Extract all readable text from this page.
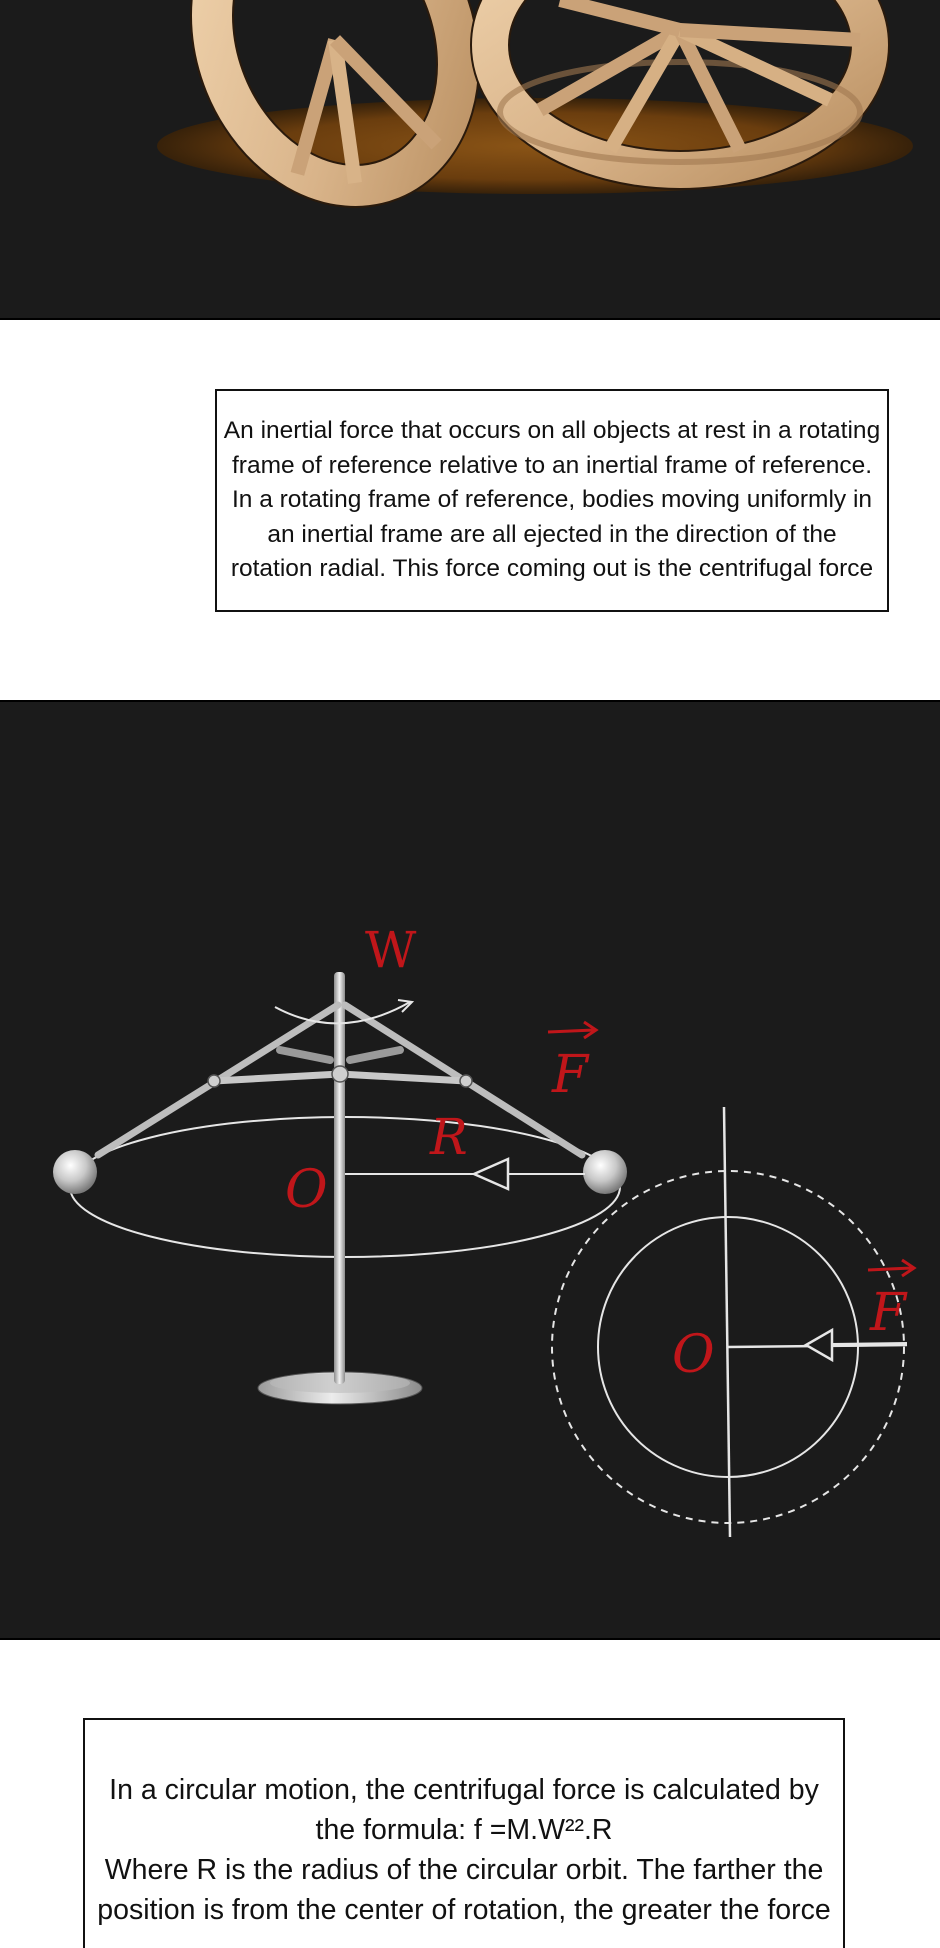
An inertial force that occurs on all objects at rest in a rotating

frame of reference relative to an inertial frame of reference.

In a rotating frame of reference, bodies moving uniformly in

an inertial frame are all ejected in the direction of the

rotation radial. This force coming out is the centrifugal force

W
F
R
O
O
F

In a circular motion, the centrifugal force is calculated by

the formula: f =M.W²².R

Where R is the radius of the circular orbit. The farther the

position is from the center of rotation, the greater the force
